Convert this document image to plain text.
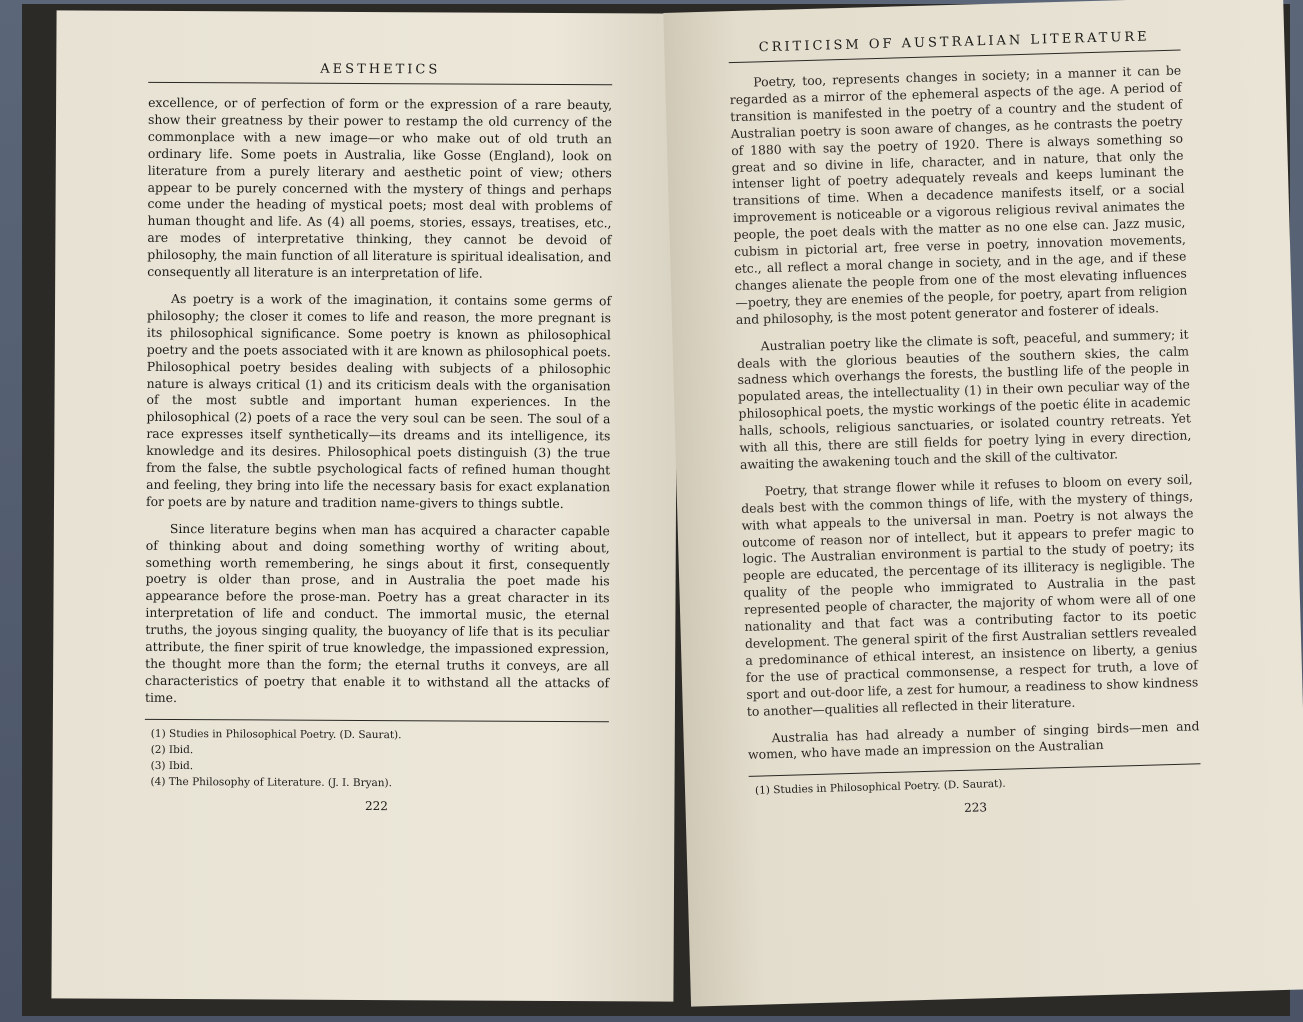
AESTHETICS

excellence, or of perfection of form or the expression of a rare beauty, show their greatness by their power to restamp the old currency of the commonplace with a new image—or who make out of old truth an ordinary life. Some poets in Australia, like Gosse (England), look on literature from a purely literary and aesthetic point of view; others appear to be purely concerned with the mystery of things and perhaps come under the heading of mystical poets; most deal with problems of human thought and life. As (4) all poems, stories, essays, treatises, etc., are modes of interpretative thinking, they cannot be devoid of philosophy, the main function of all literature is spiritual idealisation, and consequently all literature is an interpretation of life.

As poetry is a work of the imagination, it contains some germs of philosophy; the closer it comes to life and reason, the more pregnant is its philosophical significance. Some poetry is known as philosophical poetry and the poets associated with it are known as philosophical poets. Philosophical poetry besides dealing with subjects of a philosophic nature is always critical (1) and its criticism deals with the organisation of the most subtle and important human experiences. In the philosophical (2) poets of a race the very soul can be seen. The soul of a race expresses itself synthetically—its dreams and its intelligence, its knowledge and its desires. Philosophical poets distinguish (3) the true from the false, the subtle psychological facts of refined human thought and feeling, they bring into life the necessary basis for exact explanation for poets are by nature and tradition name-givers to things subtle.

Since literature begins when man has acquired a character capable of thinking about and doing something worthy of writing about, something worth remembering, he sings about it first, consequently poetry is older than prose, and in Australia the poet made his appearance before the prose-man. Poetry has a great character in its interpretation of life and conduct. The immortal music, the eternal truths, the joyous singing quality, the buoyancy of life that is its peculiar attribute, the finer spirit of true knowledge, the impassioned expression, the thought more than the form; the eternal truths it conveys, are all characteristics of poetry that enable it to withstand all the attacks of time.

(1) Studies in Philosophical Poetry. (D. Saurat).
(2) Ibid.
(3) Ibid.
(4) The Philosophy of Literature. (J. I. Bryan).
222
CRITICISM OF AUSTRALIAN LITERATURE

Poetry, too, represents changes in society; in a manner it can be regarded as a mirror of the ephemeral aspects of the age. A period of transition is manifested in the poetry of a country and the student of Australian poetry is soon aware of changes, as he contrasts the poetry of 1880 with say the poetry of 1920. There is always something so great and so divine in life, character, and in nature, that only the intenser light of poetry adequately reveals and keeps luminant the transitions of time. When a decadence manifests itself, or a social improvement is noticeable or a vigorous religious revival animates the people, the poet deals with the matter as no one else can. Jazz music, cubism in pictorial art, free verse in poetry, innovation movements, etc., all reflect a moral change in society, and in the age, and if these changes alienate the people from one of the most elevating influences—poetry, they are enemies of the people, for poetry, apart from religion and philosophy, is the most potent generator and fosterer of ideals.

Australian poetry like the climate is soft, peaceful, and summery; it deals with the glorious beauties of the southern skies, the calm sadness which overhangs the forests, the bustling life of the people in populated areas, the intellectuality (1) in their own peculiar way of the philosophical poets, the mystic workings of the poetic élite in academic halls, schools, religious sanctuaries, or isolated country retreats. Yet with all this, there are still fields for poetry lying in every direction, awaiting the awakening touch and the skill of the cultivator.

Poetry, that strange flower while it refuses to bloom on every soil, deals best with the common things of life, with the mystery of things, with what appeals to the universal in man. Poetry is not always the outcome of reason nor of intellect, but it appears to prefer magic to logic. The Australian environment is partial to the study of poetry; its people are educated, the percentage of its illiteracy is negligible. The quality of the people who immigrated to Australia in the past represented people of character, the majority of whom were all of one nationality and that fact was a contributing factor to its poetic development. The general spirit of the first Australian settlers revealed a predominance of ethical interest, an insistence on liberty, a genius for the use of practical commonsense, a respect for truth, a love of sport and out-door life, a zest for humour, a readiness to show kindness to another—qualities all reflected in their literature.

Australia has had already a number of singing birds—men and women, who have made an impression on the Australian

(1) Studies in Philosophical Poetry. (D. Saurat).
223
